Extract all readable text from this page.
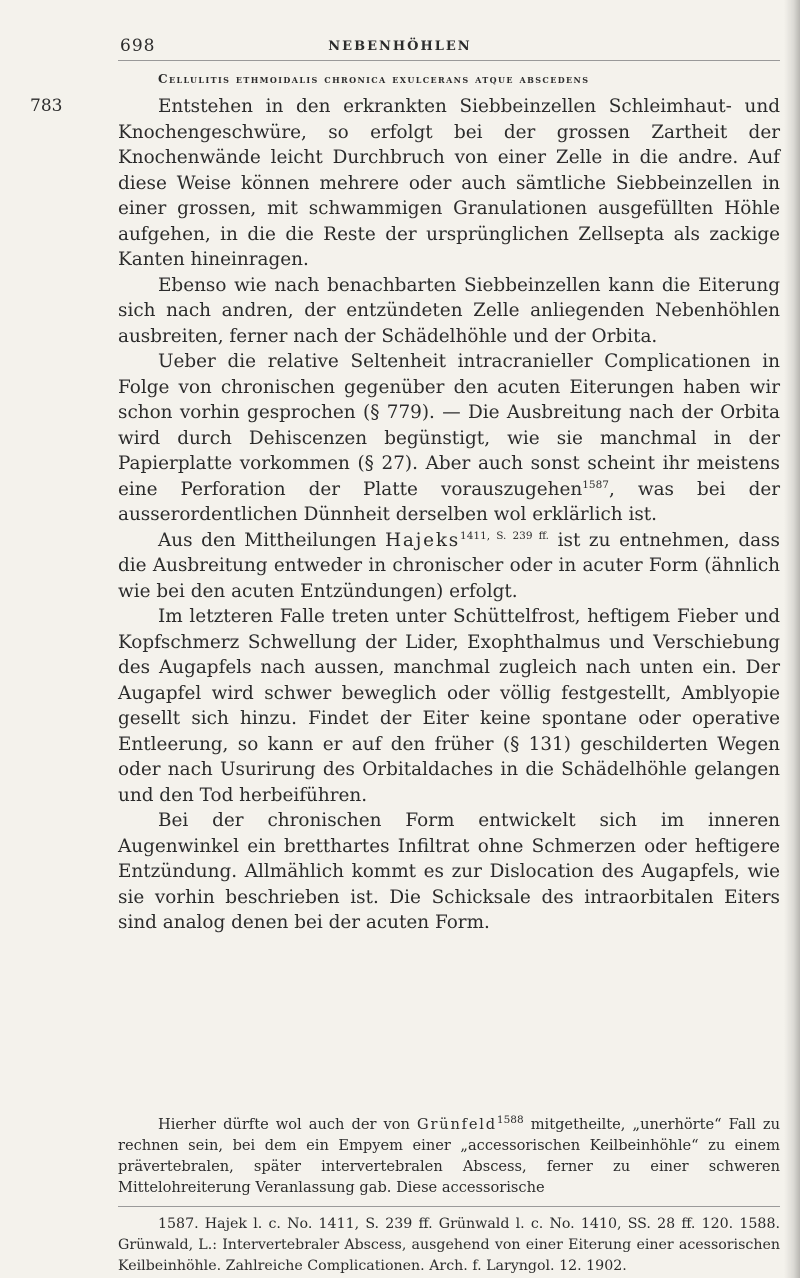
698	NEBENHÖHLEN
Cellulitis ethmoidalis chronica exulcerans atque abscedens
783	Entstehen in den erkrankten Siebbeinzellen Schleimhaut- und Knochengeschwüre, so erfolgt bei der grossen Zartheit der Knochenwände leicht Durchbruch von einer Zelle in die andre. Auf diese Weise können mehrere oder auch sämtliche Siebbeinzellen in einer grossen, mit schwammigen Granulationen ausgefüllten Höhle aufgehen, in die die Reste der ursprünglichen Zellsepta als zackige Kanten hineinragen.

Ebenso wie nach benachbarten Siebbeinzellen kann die Eiterung sich nach andren, der entzündeten Zelle anliegenden Nebenhöhlen ausbreiten, ferner nach der Schädelhöhle und der Orbita.

Ueber die relative Seltenheit intracranieller Complicationen in Folge von chronischen gegenüber den acuten Eiterungen haben wir schon vorhin gesprochen (§ 779). — Die Ausbreitung nach der Orbita wird durch Dehiscenzen begünstigt, wie sie manchmal in der Papierplatte vorkommen (§ 27). Aber auch sonst scheint ihr meistens eine Perforation der Platte vorauszugehen$^{1587}$, was bei der ausserordentlichen Dünnheit derselben wol erklärlich ist.

Aus den Mittheilungen Hajeks$^{1411, S. 239 ff.}$ ist zu entnehmen, dass die Ausbreitung entweder in chronischer oder in acuter Form (ähnlich wie bei den acuten Entzündungen) erfolgt.

Im letzteren Falle treten unter Schüttelfrost, heftigem Fieber und Kopfschmerz Schwellung der Lider, Exophthalmus und Verschiebung des Augapfels nach aussen, manchmal zugleich nach unten ein. Der Augapfel wird schwer beweglich oder völlig festgestellt, Amblyopie gesellt sich hinzu. Findet der Eiter keine spontane oder operative Entleerung, so kann er auf den früher (§ 131) geschilderten Wegen oder nach Usurirung des Orbitaldaches in die Schädelhöhle gelangen und den Tod herbeiführen.

Bei der chronischen Form entwickelt sich im inneren Augenwinkel ein bretthartes Infiltrat ohne Schmerzen oder heftigere Entzündung. Allmählich kommt es zur Dislocation des Augapfels, wie sie vorhin beschrieben ist. Die Schicksale des intraorbitalen Eiters sind analog denen bei der acuten Form.

Hierher dürfte wol auch der von Grünfeld$^{1588}$ mitgetheilte, „unerhörte“ Fall zu rechnen sein, bei dem ein Empyem einer „accessorischen Keilbeinhöhle“ zu einem prävertebralen, später intervertebralen Abscess, ferner zu einer schweren Mittelohreiterung Veranlassung gab. Diese accessorische

1587. Hajek l. c. No. 1411, S. 239 ff. Grünwald l. c. No. 1410, SS. 28 ff. 120. 1588. Grünwald, L.: Intervertebraler Abscess, ausgehend von einer Eiterung einer acessorischen Keilbeinhöhle. Zahlreiche Complicationen. Arch. f. Laryngol. 12. 1902.
